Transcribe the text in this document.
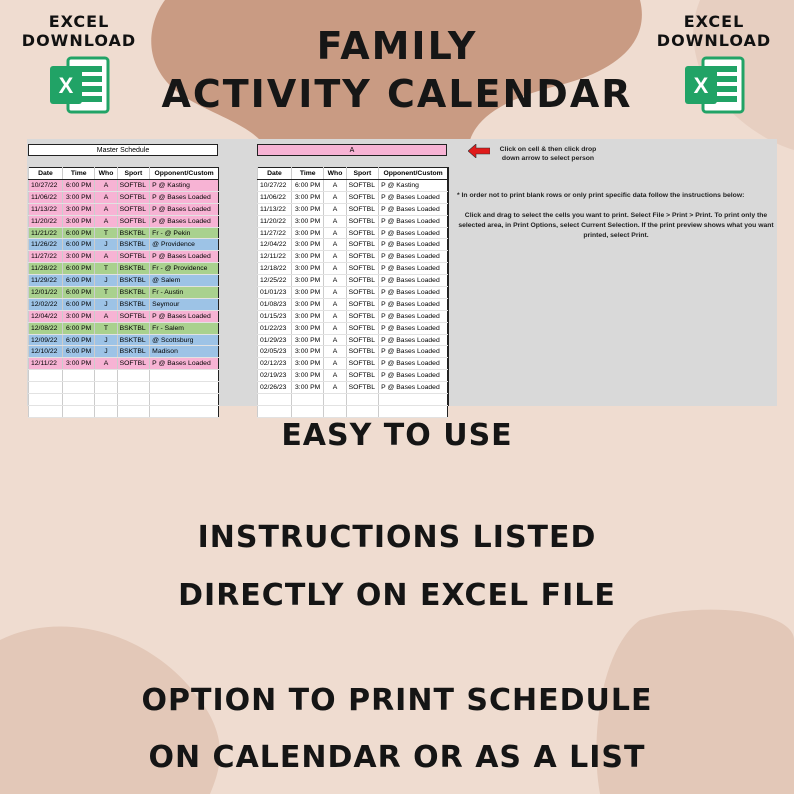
EXCEL
DOWNLOAD
X
EXCEL
DOWNLOAD
X
FAMILY
ACTIVITY CALENDAR
Master Schedule	A	Click on cell & then click drop
down arrow to select person
Date	Time	Who	Sport	Opponent/Custom
10/27/22	6:00 PM	A	SOFTBL	P @ Kasting
11/06/22	3:00 PM	A	SOFTBL	P @ Bases Loaded
11/13/22	3:00 PM	A	SOFTBL	P @ Bases Loaded
11/20/22	3:00 PM	A	SOFTBL	P @ Bases Loaded
11/21/22	6:00 PM	T	BSKTBL	Fr - @ Pekin
11/26/22	6:00 PM	J	BSKTBL	@ Providence
11/27/22	3:00 PM	A	SOFTBL	P @ Bases Loaded
11/28/22	6:00 PM	T	BSKTBL	Fr - @ Providence
11/29/22	6:00 PM	J	BSKTBL	@ Salem
12/01/22	6:00 PM	T	BSKTBL	Fr - Austin
12/02/22	6:00 PM	J	BSKTBL	Seymour
12/04/22	3:00 PM	A	SOFTBL	P @ Bases Loaded
12/08/22	6:00 PM	T	BSKTBL	Fr - Salem
12/09/22	6:00 PM	J	BSKTBL	@ Scottsburg
12/10/22	6:00 PM	J	BSKTBL	Madison
12/11/22	3:00 PM	A	SOFTBL	P @ Bases Loaded

Date	Time	Who	Sport	Opponent/Custom
10/27/22	6:00 PM	A	SOFTBL	P @ Kasting
11/06/22	3:00 PM	A	SOFTBL	P @ Bases Loaded
11/13/22	3:00 PM	A	SOFTBL	P @ Bases Loaded
11/20/22	3:00 PM	A	SOFTBL	P @ Bases Loaded
11/27/22	3:00 PM	A	SOFTBL	P @ Bases Loaded
12/04/22	3:00 PM	A	SOFTBL	P @ Bases Loaded
12/11/22	3:00 PM	A	SOFTBL	P @ Bases Loaded
12/18/22	3:00 PM	A	SOFTBL	P @ Bases Loaded
12/25/22	3:00 PM	A	SOFTBL	P @ Bases Loaded
01/01/23	3:00 PM	A	SOFTBL	P @ Bases Loaded
01/08/23	3:00 PM	A	SOFTBL	P @ Bases Loaded
01/15/23	3:00 PM	A	SOFTBL	P @ Bases Loaded
01/22/23	3:00 PM	A	SOFTBL	P @ Bases Loaded
01/29/23	3:00 PM	A	SOFTBL	P @ Bases Loaded
02/05/23	3:00 PM	A	SOFTBL	P @ Bases Loaded
02/12/23	3:00 PM	A	SOFTBL	P @ Bases Loaded
02/19/23	3:00 PM	A	SOFTBL	P @ Bases Loaded
02/26/23	3:00 PM	A	SOFTBL	P @ Bases Loaded

* In order not to print blank rows or only print specific data follow the instructions below:
Click and drag to select the cells you want to print. Select File > Print > Print. To print only the selected area, in Print Options, select Current Selection. If the print preview shows what you want printed, select Print.
EASY TO USE
INSTRUCTIONS LISTED
DIRECTLY ON EXCEL FILE
OPTION TO PRINT SCHEDULE
ON CALENDAR OR AS A LIST
